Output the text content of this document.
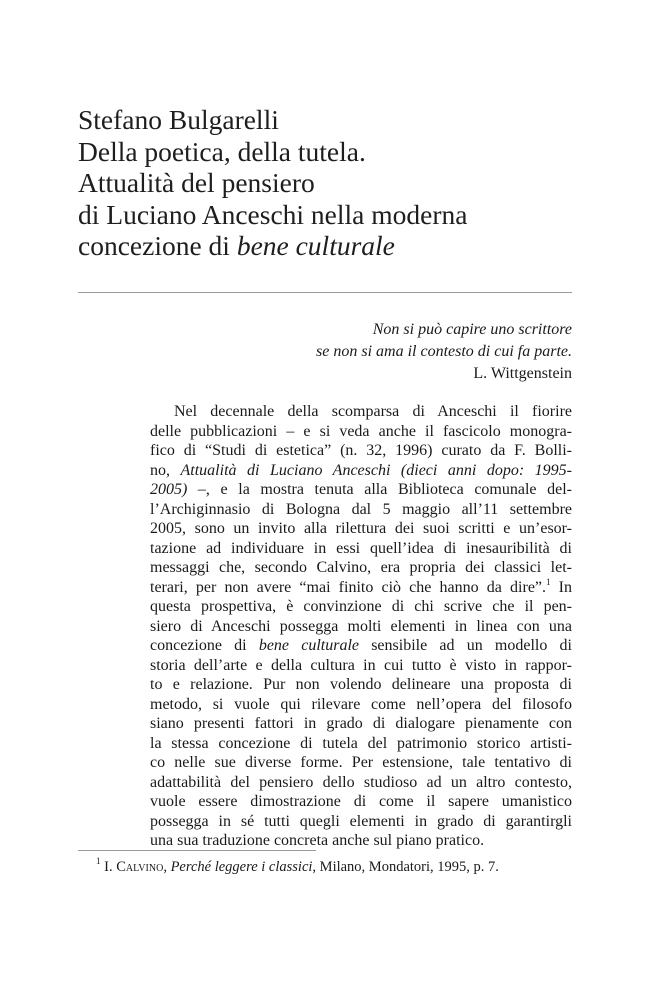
Stefano Bulgarelli
Della poetica, della tutela.
Attualità del pensiero
di Luciano Anceschi nella moderna
concezione di bene culturale
Non si può capire uno scrittore
se non si ama il contesto di cui fa parte.
L. Wittgenstein
Nel decennale della scomparsa di Anceschi il fiorire
delle pubblicazioni – e si veda anche il fascicolo monogra-
fico di “Studi di estetica” (n. 32, 1996) curato da F. Bolli-
no, Attualità di Luciano Anceschi (dieci anni dopo: 1995-
2005) –, e la mostra tenuta alla Biblioteca comunale del-
l’Archiginnasio di Bologna dal 5 maggio all’11 settembre
2005, sono un invito alla rilettura dei suoi scritti e un’esor-
tazione ad individuare in essi quell’idea di inesauribilità di
messaggi che, secondo Calvino, era propria dei classici let-
terari, per non avere “mai finito ciò che hanno da dire”.$^1$ In
questa prospettiva, è convinzione di chi scrive che il pen-
siero di Anceschi possegga molti elementi in linea con una
concezione di bene culturale sensibile ad un modello di
storia dell’arte e della cultura in cui tutto è visto in rappor-
to e relazione. Pur non volendo delineare una proposta di
metodo, si vuole qui rilevare come nell’opera del filosofo
siano presenti fattori in grado di dialogare pienamente con
la stessa concezione di tutela del patrimonio storico artisti-
co nelle sue diverse forme. Per estensione, tale tentativo di
adattabilità del pensiero dello studioso ad un altro contesto,
vuole essere dimostrazione di come il sapere umanistico
possegga in sé tutti quegli elementi in grado di garantirgli
una sua traduzione concreta anche sul piano pratico.
$^1$ I. Calvino, Perché leggere i classici, Milano, Mondatori, 1995, p. 7.
